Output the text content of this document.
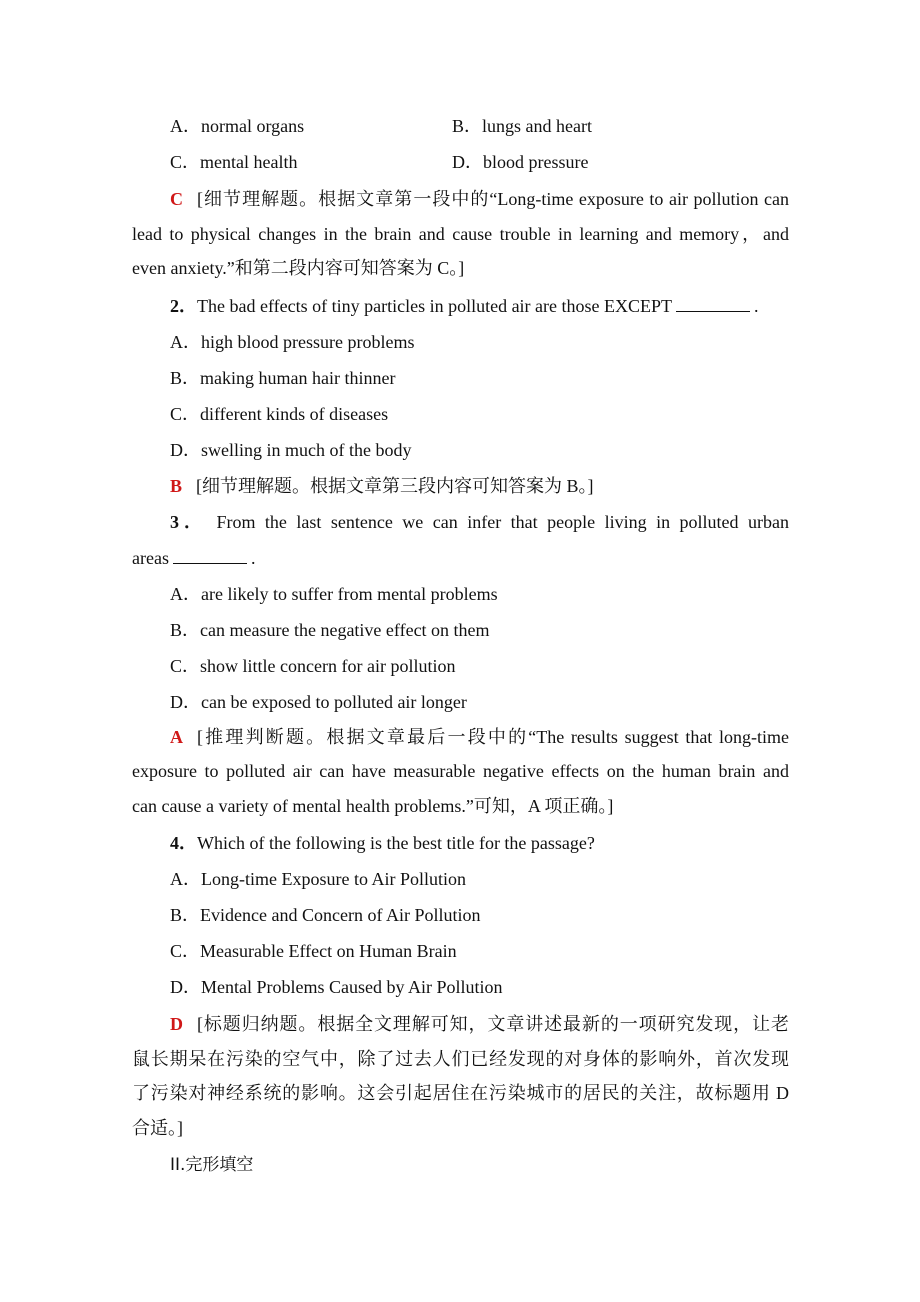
A．normal organs	B．lungs and heart
C．mental health	D．blood pressure
C [细节理解题。根据文章第一段中的“Long-time exposure to air pollution can
lead to physical changes in the brain and cause trouble in learning and memory，and
even anxiety.”和第二段内容可知答案为 C。]
2．The bad effects of tiny particles in polluted air are those EXCEPT	.
A．high blood pressure problems
B．making human hair thinner
C．different kinds of diseases
D．swelling in much of the body
B [细节理解题。根据文章第三段内容可知答案为 B。]
3． From the last sentence we can infer that people living in polluted urban
areas	.
A．are likely to suffer from mental problems
B．can measure the negative effect on them
C．show little concern for air pollution
D．can be exposed to polluted air longer
A [推理判断题。根据文章最后一段中的“The results suggest that long-time
exposure to polluted air can have measurable negative effects on the human brain and
can cause a variety of mental health problems.”可知，A 项正确。]
4．Which of the following is the best title for the passage?
A．Long-time Exposure to Air Pollution
B．Evidence and Concern of Air Pollution
C．Measurable Effect on Human Brain
D．Mental Problems Caused by Air Pollution
D [标题归纳题。根据全文理解可知，文章讲述最新的一项研究发现，让老
鼠长期呆在污染的空气中，除了过去人们已经发现的对身体的影响外，首次发现
了污染对神经系统的影响。这会引起居住在污染城市的居民的关注，故标题用 D
合适。]
II.完形填空
